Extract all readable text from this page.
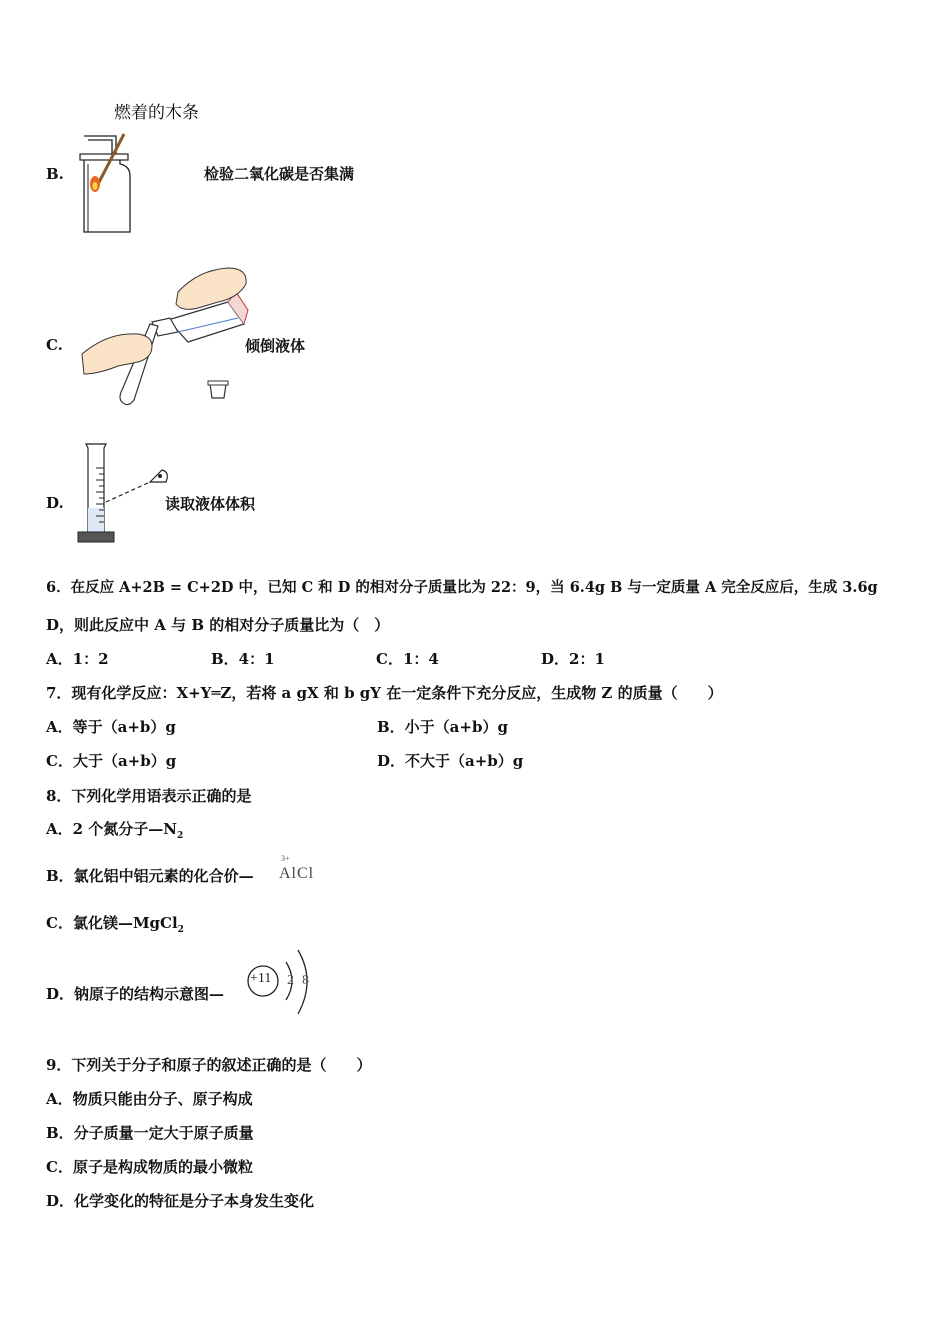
燃着的木条
B.	检验二氧化碳是否集满
C.	倾倒液体
D.	读取液体体积
6．在反应 A+2B = C+2D 中，已知 C 和 D 的相对分子质量比为 22：9，当 6.4g B 与一定质量 A 完全反应后，生成 3.6g
D，则此反应中 A 与 B 的相对分子质量比为（　）
A．1：2	B．4：1	C．1：4	D．2：1
7．现有化学反应：X+Y═Z，若将 a gX 和 b gY 在一定条件下充分反应，生成物 Z 的质量（　　）
A．等于（a+b）g	B．小于（a+b）g
C．大于（a+b）g	D．不大于（a+b）g
8．下列化学用语表示正确的是
A．2 个氮分子$—N_2$
B．氯化铝中铝元素的化合价—
3+
AlCl
C．氯化镁—MgCl$_2$
D．钠原子的结构示意图—
+11 2 8
9．下列关于分子和原子的叙述正确的是（　　）
A．物质只能由分子、原子构成
B．分子质量一定大于原子质量
C．原子是构成物质的最小微粒
D．化学变化的特征是分子本身发生变化
